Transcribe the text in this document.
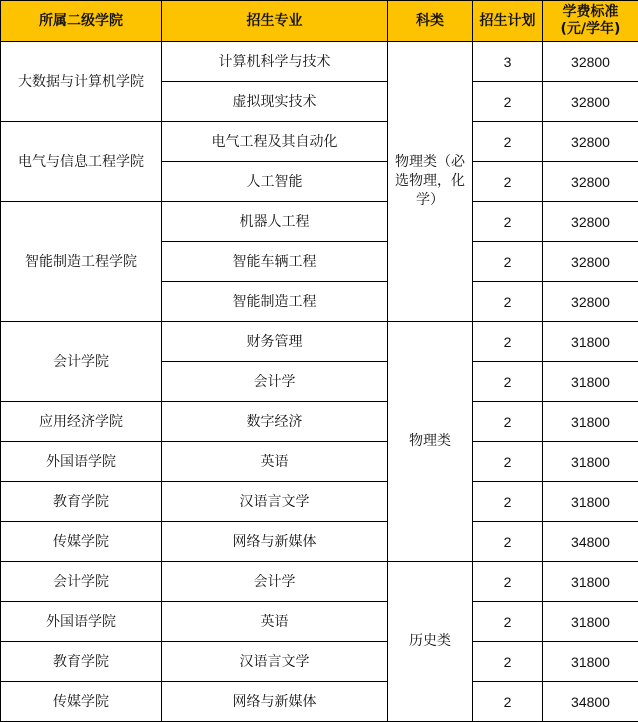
所属二级学院	招生专业	科类	招生计划	学费标准
(元/学年)
大数据与计算机学院	计算机科学与技术	物理类（必选物理，化学）	3	32800
	虚拟现实技术		2	32800
电气与信息工程学院	电气工程及其自动化		2	32800
	人工智能		2	32800
智能制造工程学院	机器人工程		2	32800
	智能车辆工程		2	32800
	智能制造工程		2	32800
会计学院	财务管理	物理类	2	31800
	会计学		2	31800
应用经济学院	数字经济		2	31800
外国语学院	英语		2	31800
教育学院	汉语言文学		2	31800
传媒学院	网络与新媒体		2	34800
会计学院	会计学	历史类	2	31800
外国语学院	英语		2	31800
教育学院	汉语言文学		2	31800
传媒学院	网络与新媒体		2	34800
